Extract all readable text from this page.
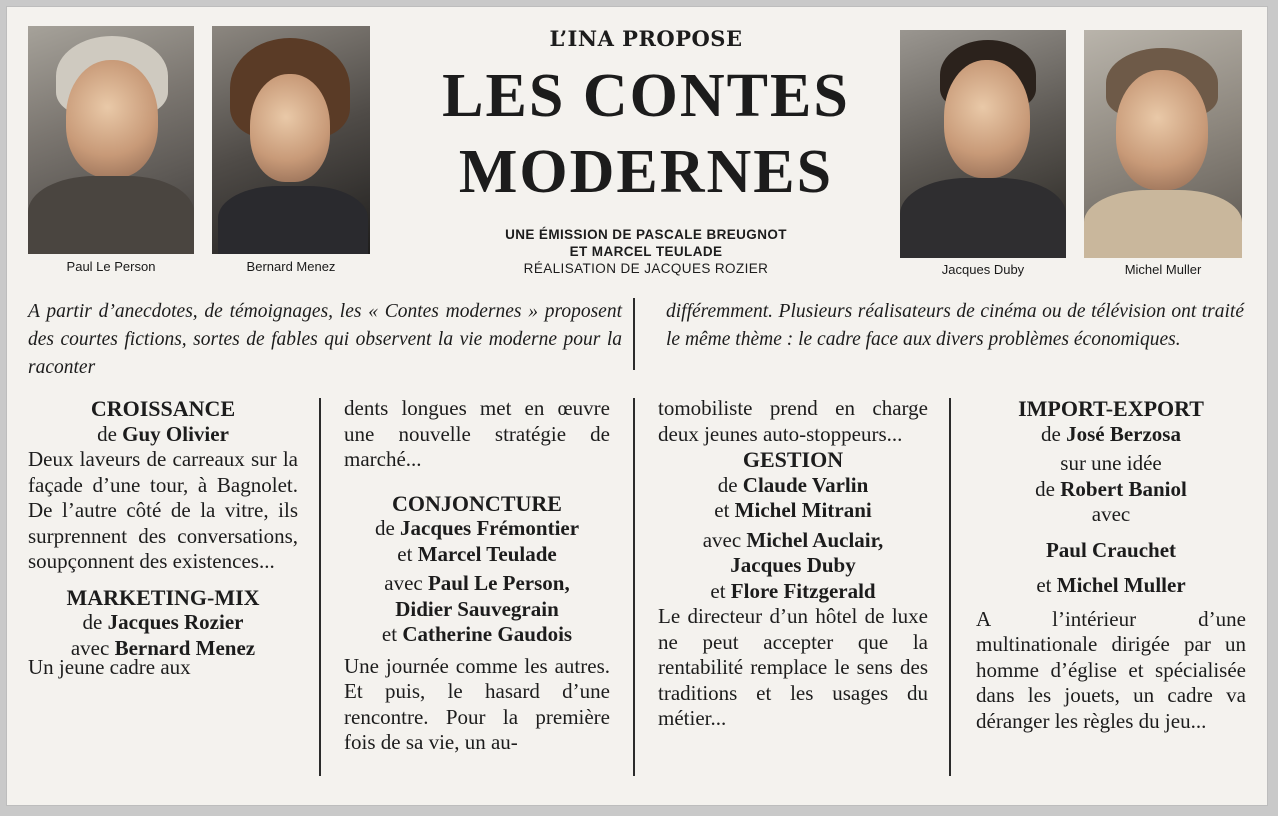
Paul Le Person	Bernard Menez
L’INA PROPOSE
LES CONTES
MODERNES
UNE ÉMISSION DE PASCALE BREUGNOT
ET MARCEL TEULADE
RÉALISATION DE JACQUES ROZIER	Jacques Duby	Michel Muller
A partir d’anecdotes, de témoignages, les « Contes modernes » proposent des courtes fictions, sortes de fables qui observent la vie moderne pour la raconter
différemment. Plusieurs réalisateurs de cinéma ou de télévision ont traité le même thème : le cadre face aux divers problèmes économiques.

CROISSANCE

de Guy Olivier

Deux laveurs de carreaux sur la façade d’une tour, à Bagnolet. De l’autre côté de la vitre, ils surprennent des conversations, soupçonnent des existences...

MARKETING-MIX

de Jacques Rozier

avec Bernard Menez

Un jeune cadre aux

dents longues met en œuvre une nouvelle stratégie de marché...

CONJONCTURE

de Jacques Frémontier

et Marcel Teulade

avec Paul Le Person,

Didier Sauvegrain

et Catherine Gaudois

Une journée comme les autres. Et puis, le hasard d’une rencontre. Pour la première fois de sa vie, un au-

tomobiliste prend en charge deux jeunes auto-stoppeurs...

GESTION

de Claude Varlin

et Michel Mitrani

avec Michel Auclair,

Jacques Duby

et Flore Fitzgerald

Le directeur d’un hôtel de luxe ne peut accepter que la rentabilité remplace le sens des traditions et les usages du métier...

IMPORT-EXPORT

de José Berzosa

sur une idée

de Robert Baniol

avec

Paul Crauchet

et Michel Muller

A l’intérieur d’une multinationale dirigée par un homme d’église et spécialisée dans les jouets, un cadre va déranger les règles du jeu...
